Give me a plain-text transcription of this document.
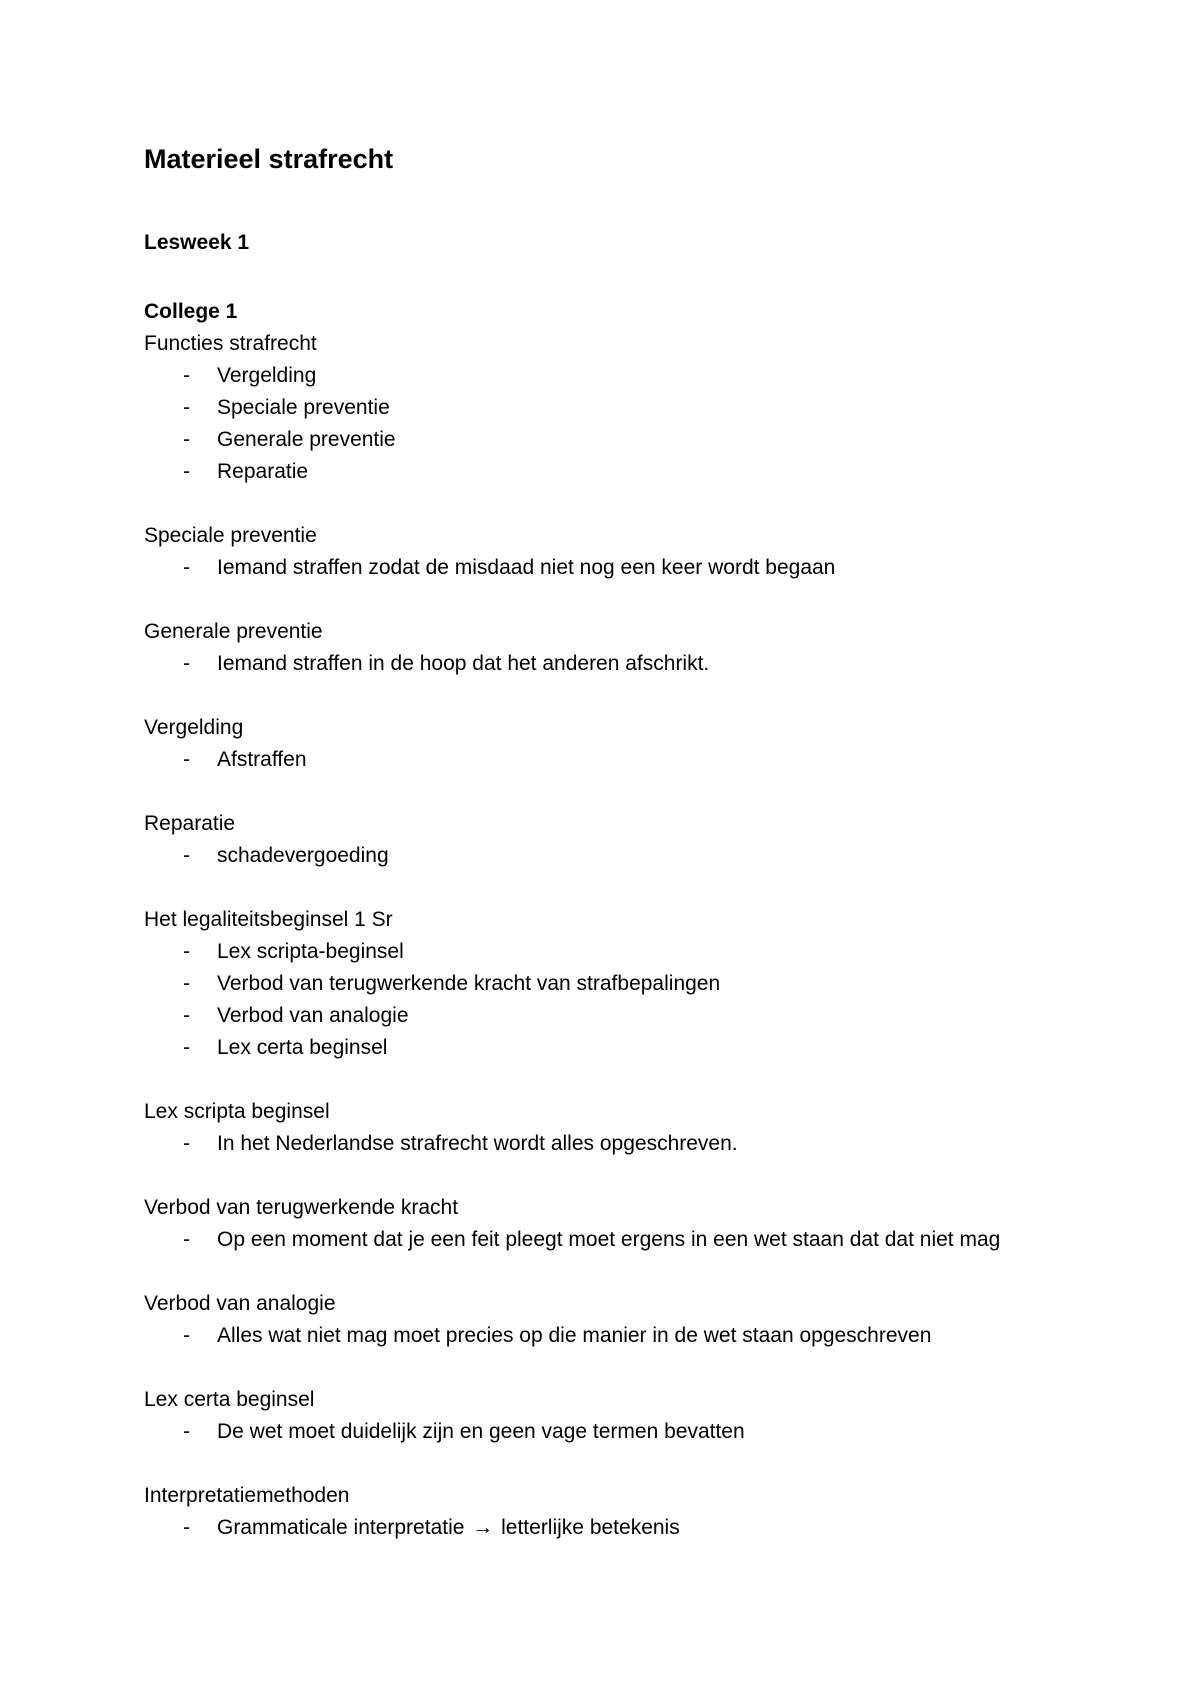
Materieel strafrecht
Lesweek 1
College 1

Functies strafrecht

- Vergelding
- Speciale preventie
- Generale preventie
- Reparatie

Speciale preventie

- Iemand straffen zodat de misdaad niet nog een keer wordt begaan

Generale preventie

- Iemand straffen in de hoop dat het anderen afschrikt.

Vergelding

- Afstraffen

Reparatie

- schadevergoeding

Het legaliteitsbeginsel 1 Sr

- Lex scripta-beginsel
- Verbod van terugwerkende kracht van strafbepalingen
- Verbod van analogie
- Lex certa beginsel

Lex scripta beginsel

- In het Nederlandse strafrecht wordt alles opgeschreven.

Verbod van terugwerkende kracht

- Op een moment dat je een feit pleegt moet ergens in een wet staan dat dat niet mag

Verbod van analogie

- Alles wat niet mag moet precies op die manier in de wet staan opgeschreven

Lex certa beginsel

- De wet moet duidelijk zijn en geen vage termen bevatten

Interpretatiemethoden

- Grammaticale interpretatie → letterlijke betekenis
